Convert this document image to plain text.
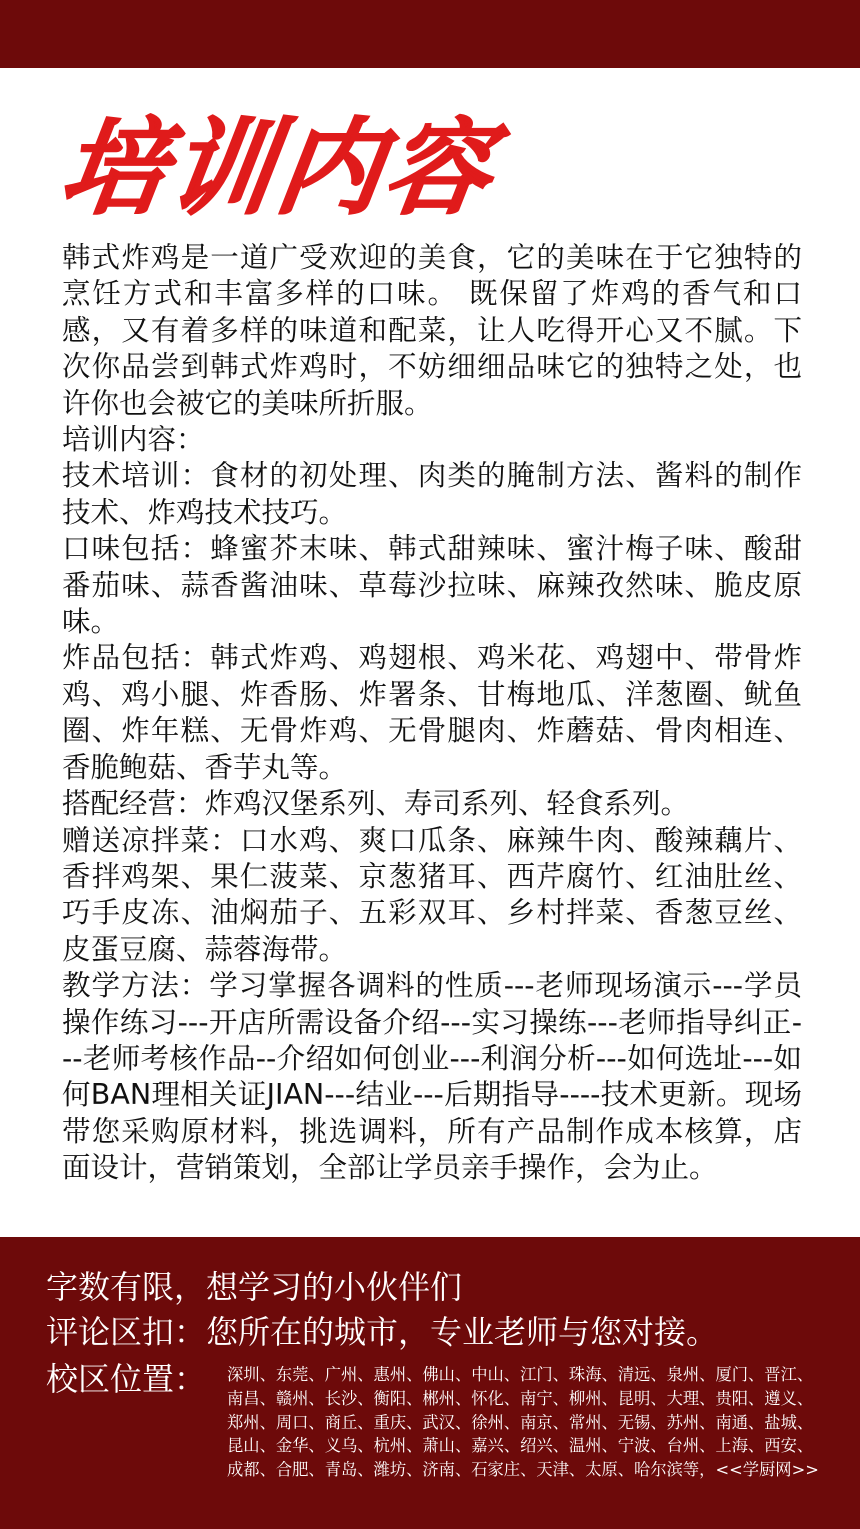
培训内容

韩式炸鸡是一道广受欢迎的美食，它的美味在于它独特的烹饪方式和丰富多样的口味。 既保留了炸鸡的香气和口感，又有着多样的味道和配菜，让人吃得开心又不腻。下次你品尝到韩式炸鸡时，不妨细细品味它的独特之处，也许你也会被它的美味所折服。

培训内容：

技术培训：食材的初处理、肉类的腌制方法、酱料的制作技术、炸鸡技术技巧。

口味包括：蜂蜜芥末味、韩式甜辣味、蜜汁梅子味、酸甜番茄味、蒜香酱油味、草莓沙拉味、麻辣孜然味、脆皮原味。

炸品包括：韩式炸鸡、鸡翅根、鸡米花、鸡翅中、带骨炸鸡、鸡小腿、炸香肠、炸署条、甘梅地瓜、洋葱圈、鱿鱼圈、炸年糕、无骨炸鸡、无骨腿肉、炸蘑菇、骨肉相连、香脆鲍菇、香芋丸等。

搭配经营：炸鸡汉堡系列、寿司系列、轻食系列。

赠送凉拌菜：口水鸡、爽口瓜条、麻辣牛肉、酸辣藕片、香拌鸡架、果仁菠菜、京葱猪耳、西芹腐竹、红油肚丝、巧手皮冻、油焖茄子、五彩双耳、乡村拌菜、香葱豆丝、皮蛋豆腐、蒜蓉海带。

教学方法：学习掌握各调料的性质---老师现场演示---学员操作练习---开店所需设备介绍---实习操练---老师指导纠正---老师考核作品--介绍如何创业---利润分析---如何选址---如何BAN理相关证JIAN---结业---后期指导----技术更新。现场带您采购原材料，挑选调料，所有产品制作成本核算，店面设计，营销策划，全部让学员亲手操作，会为止。

字数有限，想学习的小伙伴们

评论区扣：您所在的城市，专业老师与您对接。

校区位置： 深圳、东莞、广州、惠州、佛山、中山、江门、珠海、清远、泉州、厦门、晋江、南昌、赣州、长沙、衡阳、郴州、怀化、南宁、柳州、昆明、大理、贵阳、遵义、郑州、周口、商丘、重庆、武汉、徐州、南京、常州、无锡、苏州、南通、盐城、昆山、金华、义乌、杭州、萧山、嘉兴、绍兴、温州、宁波、台州、上海、西安、成都、合肥、青岛、潍坊、济南、石家庄、天津、太原、哈尔滨等，<<学厨网>>
